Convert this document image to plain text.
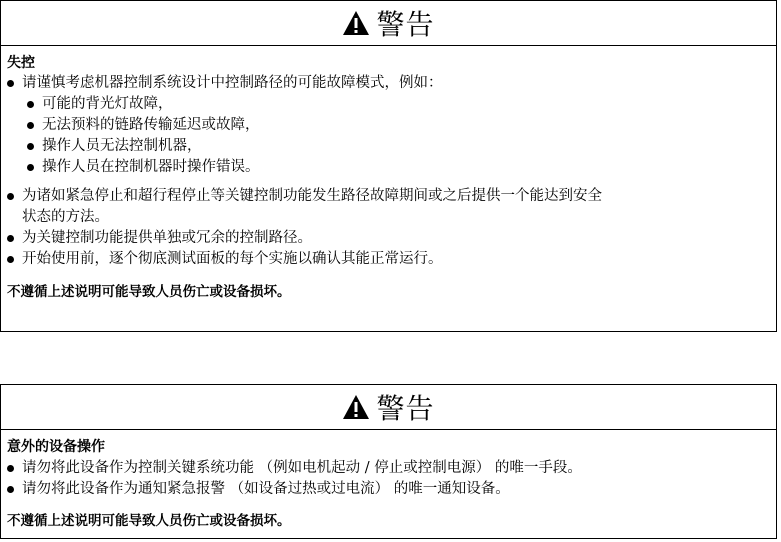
警告
失控
请谨慎考虑机器控制系统设计中控制路径的可能故障模式，例如：
可能的背光灯故障，
无法预料的链路传输延迟或故障，
操作人员无法控制机器，
操作人员在控制机器时操作错误。
为诸如紧急停止和超行程停止等关键控制功能发生路径故障期间或之后提供一个能达到安全
状态的方法。
为关键控制功能提供单独或冗余的控制路径。
开始使用前，逐个彻底测试面板的每个实施以确认其能正常运行。
不遵循上述说明可能导致人员伤亡或设备损坏。
警告
意外的设备操作
请勿将此设备作为控制关键系统功能 （例如电机起动 / 停止或控制电源） 的唯一手段。
请勿将此设备作为通知紧急报警 （如设备过热或过电流） 的唯一通知设备。
不遵循上述说明可能导致人员伤亡或设备损坏。
